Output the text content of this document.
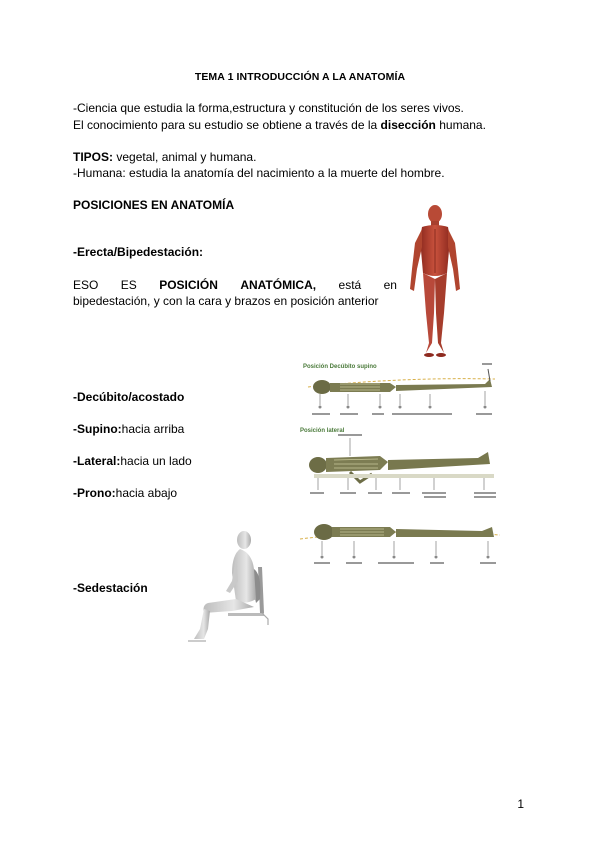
TEMA 1 INTRODUCCIÓN A LA ANATOMÍA
-Ciencia que estudia la forma,estructura y constitución de los seres vivos.
El conocimiento para su estudio se obtiene a través de la disección humana.
TIPOS: vegetal, animal y humana.
-Humana: estudia la anatomía del nacimiento a la muerte del hombre.
POSICIONES EN ANATOMÍA
-Erecta/Bipedestación:
ESO ES POSICIÓN ANATÓMICA, está en
bipedestación, y con la cara y brazos en posición anterior
-Decúbito/acostado
-Supino:hacia arriba
-Lateral:hacia un lado
-Prono:hacia abajo
Posición Decúbito supino
Posición lateral
-Sedestación
1
